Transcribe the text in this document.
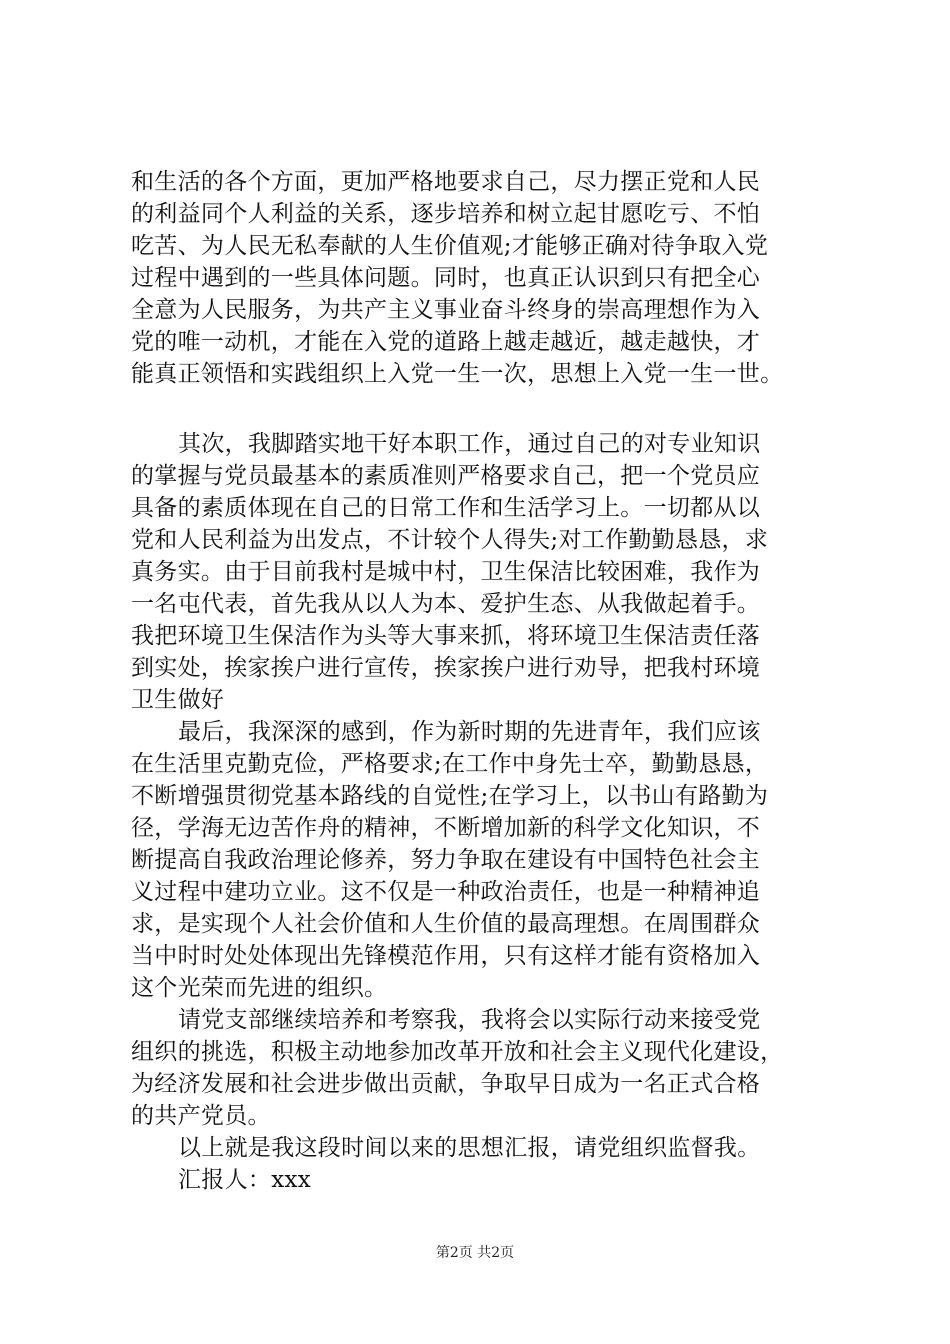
和生活的各个方面，更加严格地要求自己，尽力摆正党和人民
的利益同个人利益的关系，逐步培养和树立起甘愿吃亏、不怕
吃苦、为人民无私奉献的人生价值观;才能够正确对待争取入党
过程中遇到的一些具体问题。同时，也真正认识到只有把全心
全意为人民服务，为共产主义事业奋斗终身的崇高理想作为入
党的唯一动机，才能在入党的道路上越走越近，越走越快，才
能真正领悟和实践组织上入党一生一次，思想上入党一生一世。
其次，我脚踏实地干好本职工作，通过自己的对专业知识
的掌握与党员最基本的素质准则严格要求自己，把一个党员应
具备的素质体现在自己的日常工作和生活学习上。一切都从以
党和人民利益为出发点，不计较个人得失;对工作勤勤恳恳，求
真务实。由于目前我村是城中村，卫生保洁比较困难，我作为
一名屯代表，首先我从以人为本、爱护生态、从我做起着手。
我把环境卫生保洁作为头等大事来抓，将环境卫生保洁责任落
到实处，挨家挨户进行宣传，挨家挨户进行劝导，把我村环境
卫生做好
最后，我深深的感到，作为新时期的先进青年，我们应该
在生活里克勤克俭，严格要求;在工作中身先士卒，勤勤恳恳，
不断增强贯彻党基本路线的自觉性;在学习上，以书山有路勤为
径，学海无边苦作舟的精神，不断增加新的科学文化知识，不
断提高自我政治理论修养，努力争取在建设有中国特色社会主
义过程中建功立业。这不仅是一种政治责任，也是一种精神追
求，是实现个人社会价值和人生价值的最高理想。在周围群众
当中时时处处体现出先锋模范作用，只有这样才能有资格加入
这个光荣而先进的组织。
请党支部继续培养和考察我，我将会以实际行动来接受党
组织的挑选，积极主动地参加改革开放和社会主义现代化建设，
为经济发展和社会进步做出贡献，争取早日成为一名正式合格
的共产党员。
以上就是我这段时间以来的思想汇报，请党组织监督我。
汇报人：xxx
第2页 共2页
